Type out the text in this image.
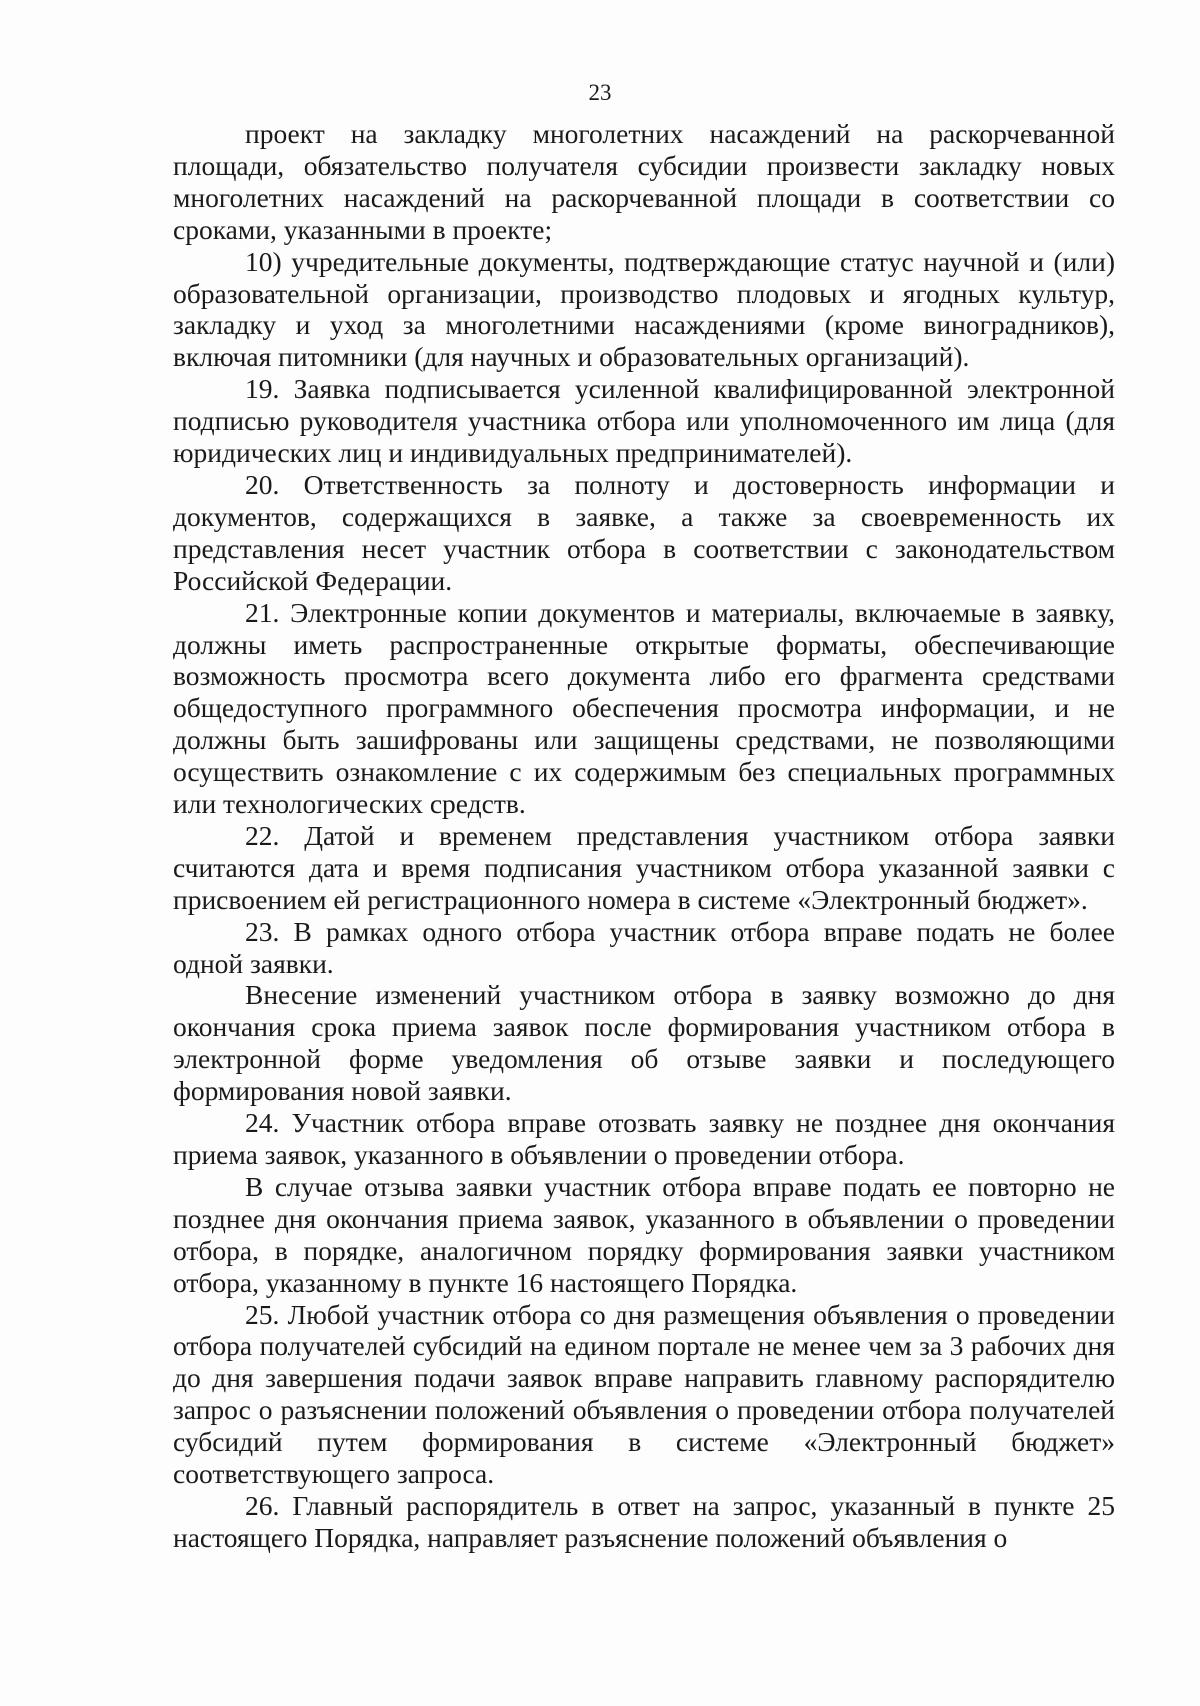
23

проект на закладку многолетних насаждений на раскорчеванной площади, обязательство получателя субсидии произвести закладку новых многолетних насаждений на раскорчеванной площади в соответствии со сроками, указанными в проекте;

10) учредительные документы, подтверждающие статус научной и (или) образовательной организации, производство плодовых и ягодных культур, закладку и уход за многолетними насаждениями (кроме виноградников), включая питомники (для научных и образовательных организаций).

19. Заявка подписывается усиленной квалифицированной электронной подписью руководителя участника отбора или уполномоченного им лица (для юридических лиц и индивидуальных предпринимателей).

20. Ответственность за полноту и достоверность информации и документов, содержащихся в заявке, а также за своевременность их представления несет участник отбора в соответствии с законодательством Российской Федерации.

21. Электронные копии документов и материалы, включаемые в заявку, должны иметь распространенные открытые форматы, обеспечивающие возможность просмотра всего документа либо его фрагмента средствами общедоступного программного обеспечения просмотра информации, и не должны быть зашифрованы или защищены средствами, не позволяющими осуществить ознакомление с их содержимым без специальных программных или технологических средств.

22. Датой и временем представления участником отбора заявки считаются дата и время подписания участником отбора указанной заявки с присвоением ей регистрационного номера в системе «Электронный бюджет».

23. В рамках одного отбора участник отбора вправе подать не более одной заявки.

Внесение изменений участником отбора в заявку возможно до дня окончания срока приема заявок после формирования участником отбора в электронной форме уведомления об отзыве заявки и последующего формирования новой заявки.

24. Участник отбора вправе отозвать заявку не позднее дня окончания приема заявок, указанного в объявлении о проведении отбора.

В случае отзыва заявки участник отбора вправе подать ее повторно не позднее дня окончания приема заявок, указанного в объявлении о проведении отбора, в порядке, аналогичном порядку формирования заявки участником отбора, указанному в пункте 16 настоящего Порядка.

25. Любой участник отбора со дня размещения объявления о проведении отбора получателей субсидий на едином портале не менее чем за 3 рабочих дня до дня завершения подачи заявок вправе направить главному распорядителю запрос о разъяснении положений объявления о проведении отбора получателей субсидий путем формирования в системе «Электронный бюджет» соответствующего запроса.

26. Главный распорядитель в ответ на запрос, указанный в пункте 25 настоящего Порядка, направляет разъяснение положений объявления о
